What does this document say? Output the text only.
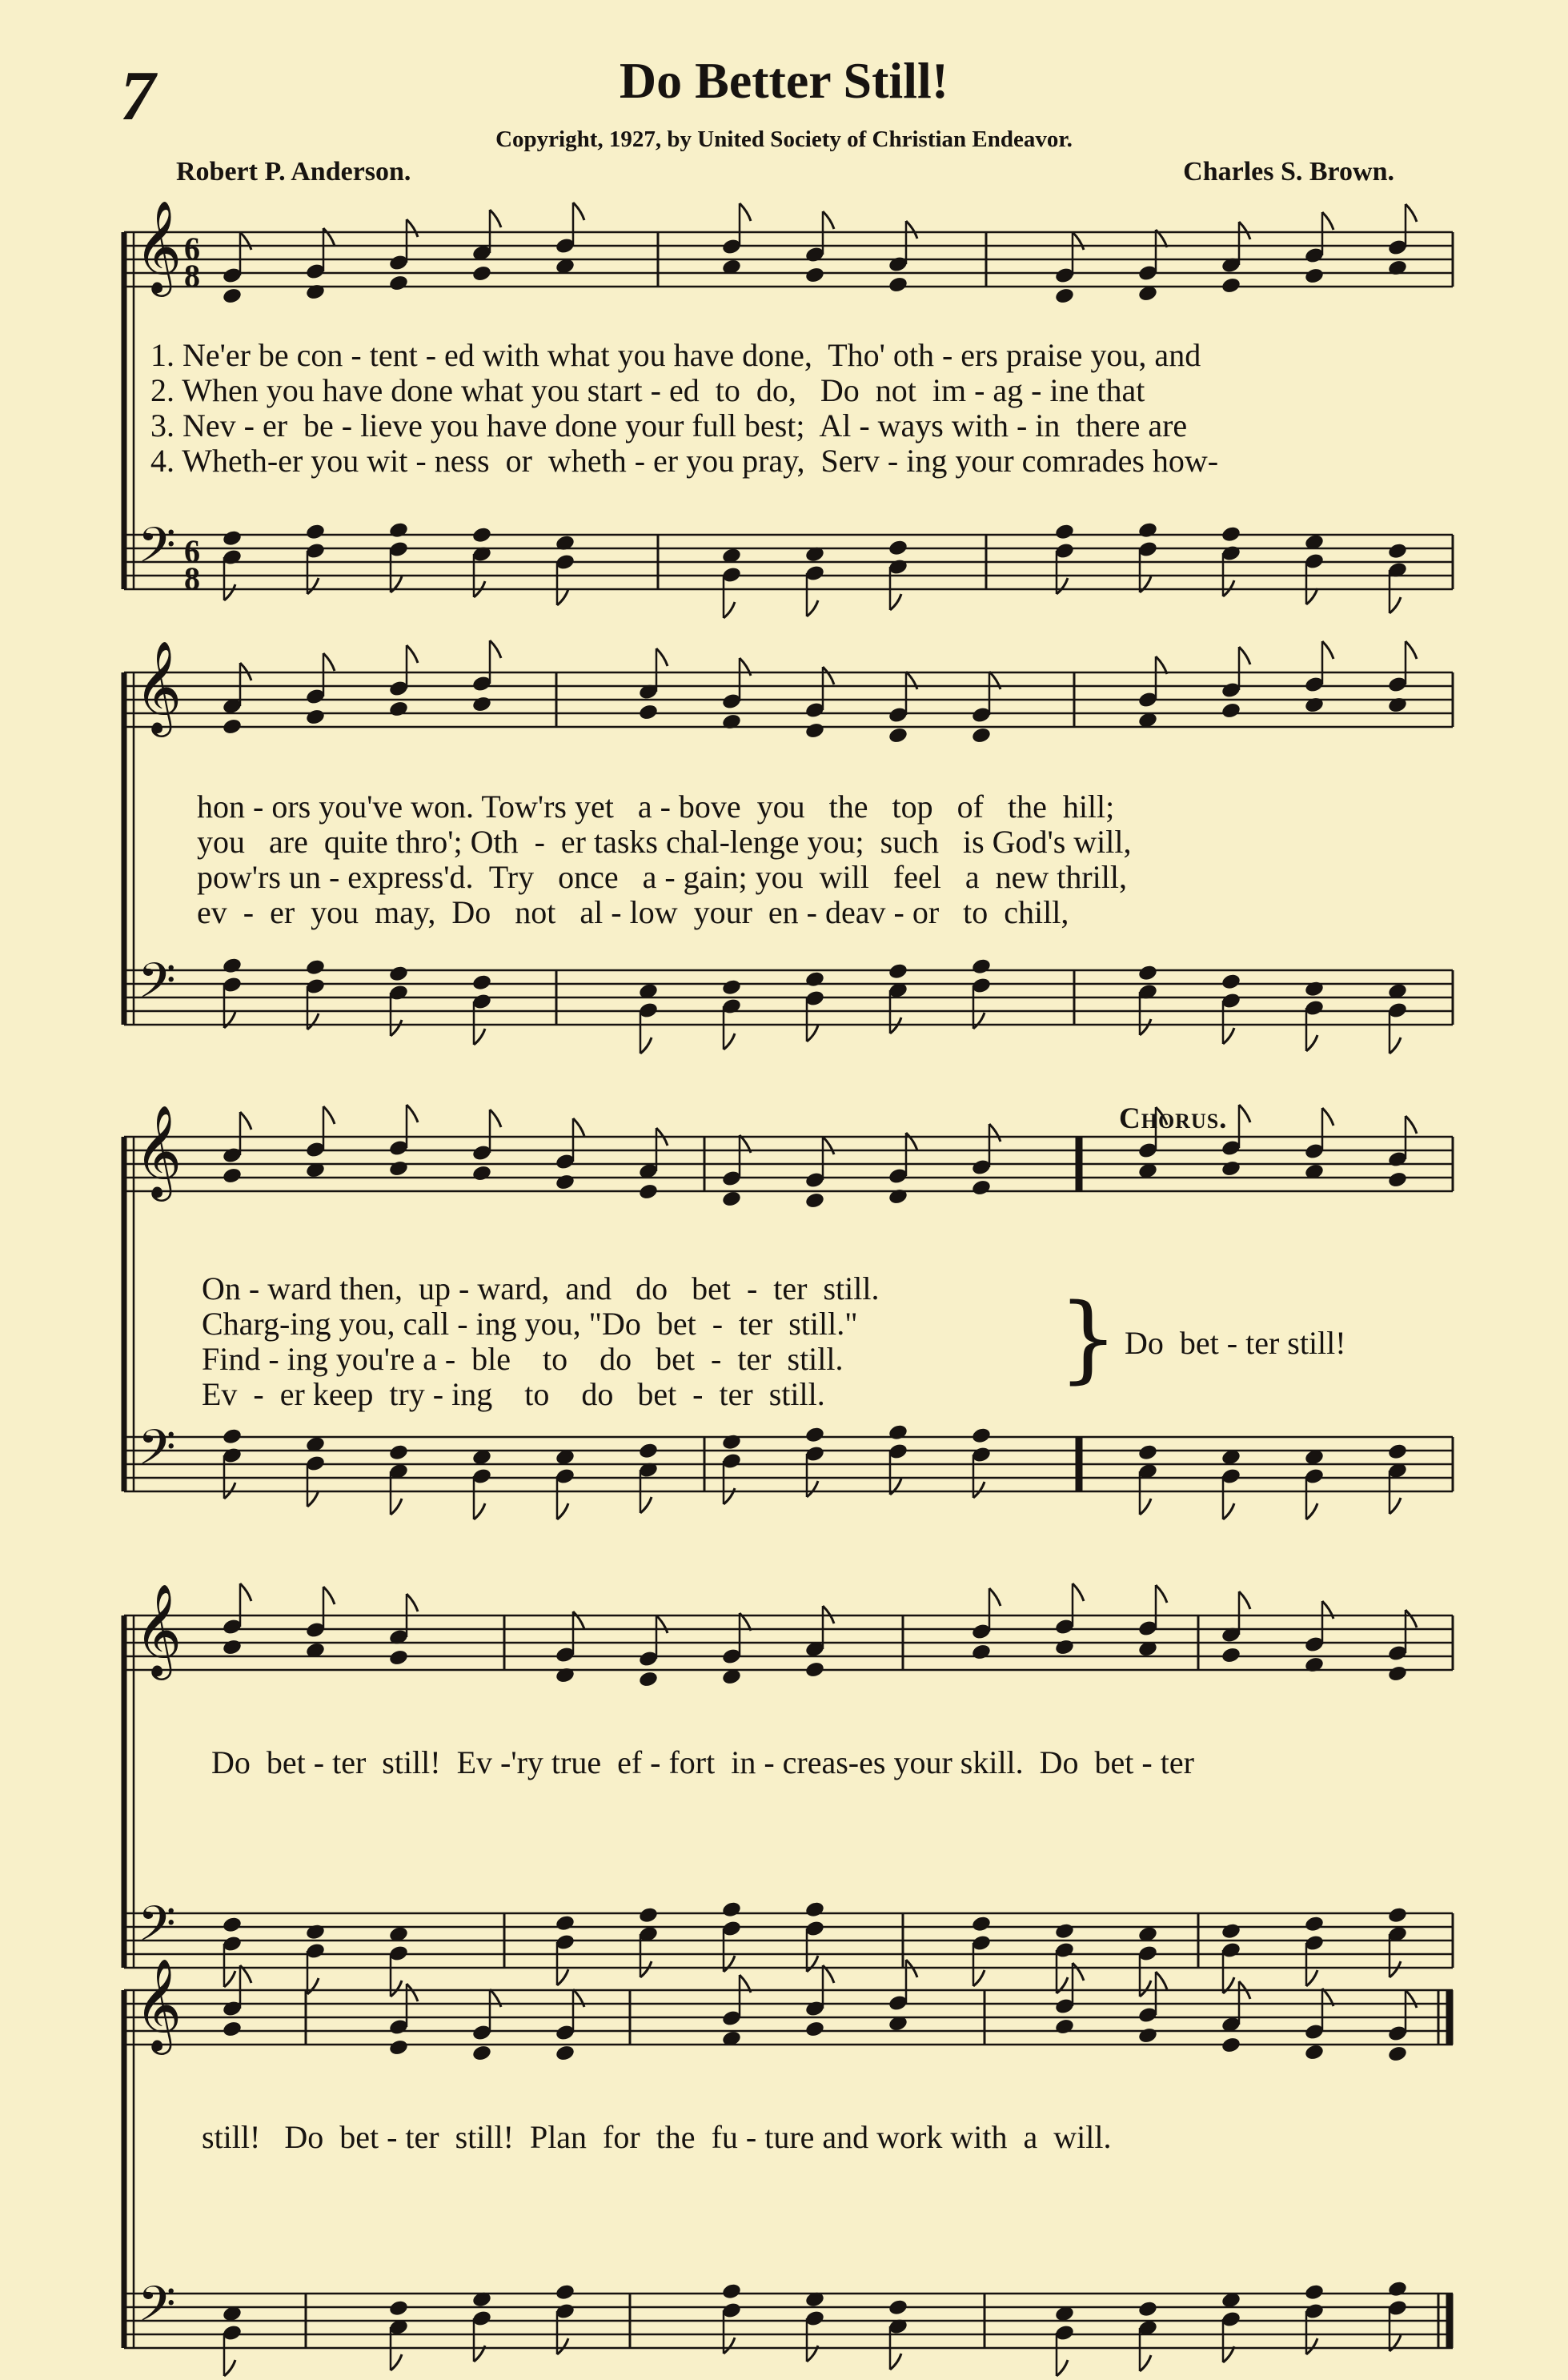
𝄞
𝄢
6
8
6
8
𝄞
𝄢
𝄞
𝄢
𝄞
𝄢
𝄞
𝄢
7	Do Better Still!
Copyright, 1927, by United Society of Christian Endeavor.
Robert P. Anderson.	Charles S. Brown.
Chorus.
1. Ne'er be con - tent - ed with what you have done,  Tho' oth - ers praise you, and
2. When you have done what you start - ed  to  do,   Do  not  im - ag - ine that
3. Nev - er  be - lieve you have done your full best;  Al - ways with - in  there are
4. Wheth-er you wit - ness  or  wheth - er you pray,  Serv - ing your comrades how-
hon - ors you've won. Tow'rs yet   a - bove  you   the   top   of   the  hill;
you   are  quite thro'; Oth  -  er tasks chal-lenge you;  such   is God's will,
pow'rs un - express'd.  Try   once   a - gain; you  will   feel   a  new thrill,
ev  -  er  you  may,  Do   not   al - low  your  en - deav - or   to  chill,
On - ward then,  up - ward,  and   do   bet  -  ter  still.
Charg-ing you, call - ing you, "Do  bet  -  ter  still."
Find - ing you're a -  ble    to    do   bet  -  ter  still.
Ev  -  er keep  try - ing    to    do   bet  -  ter  still.
} Do  bet - ter still!
Do  bet - ter  still!  Ev -'ry true  ef - fort  in - creas-es your skill.  Do  bet - ter
still!   Do  bet - ter  still!  Plan  for  the  fu - ture and work with  a  will.
